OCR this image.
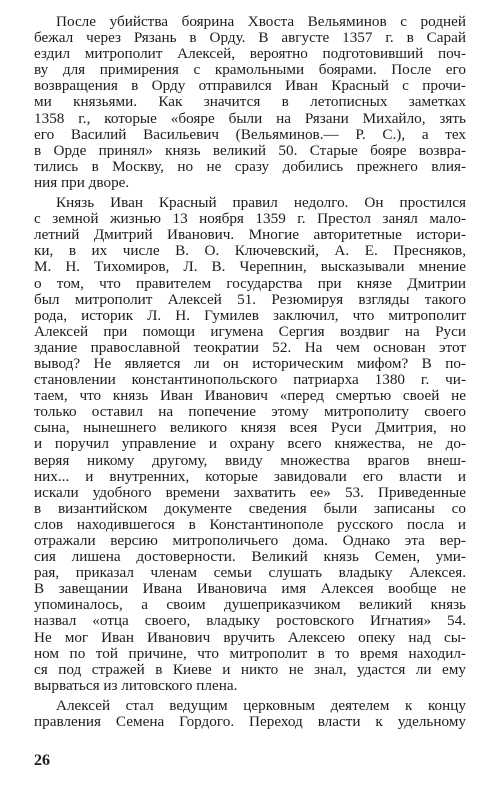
После убийства боярина Хвоста Вельяминов с родней
бежал через Рязань в Орду. В августе 1357 г. в Сарай
ездил митрополит Алексей, вероятно подготовивший поч-
ву для примирения с крамольными боярами. После его
возвращения в Орду отправился Иван Красный с прочи-
ми князьями. Как значится в летописных заметках
1358 г., которые «бояре были на Рязани Михайло, зять
его Василий Васильевич (Вельяминов.— Р. С.), а тех
в Орде принял» князь великий 50. Старые бояре возвра-
тились в Москву, но не сразу добились прежнего влия-
ния при дворе.
Князь Иван Красный правил недолго. Он простился
с земной жизнью 13 ноября 1359 г. Престол занял мало-
летний Дмитрий Иванович. Многие авторитетные истори-
ки, в их числе В. О. Ключевский, А. Е. Пресняков,
М. Н. Тихомиров, Л. В. Черепнин, высказывали мнение
о том, что правителем государства при князе Дмитрии
был митрополит Алексей 51. Резюмируя взгляды такого
рода, историк Л. Н. Гумилев заключил, что митрополит
Алексей при помощи игумена Сергия воздвиг на Руси
здание православной теократии 52. На чем основан этот
вывод? Не является ли он историческим мифом? В по-
становлении константинопольского патриарха 1380 г. чи-
таем, что князь Иван Иванович «перед смертью своей не
только оставил на попечение этому митрополиту своего
сына, нынешнего великого князя всея Руси Дмитрия, но
и поручил управление и охрану всего княжества, не до-
веряя никому другому, ввиду множества врагов внеш-
них... и внутренних, которые завидовали его власти и
искали удобного времени захватить ее» 53. Приведенные
в византийском документе сведения были записаны со
слов находившегося в Константинополе русского посла и
отражали версию митрополичьего дома. Однако эта вер-
сия лишена достоверности. Великий князь Семен, уми-
рая, приказал членам семьи слушать владыку Алексея.
В завещании Ивана Ивановича имя Алексея вообще не
упоминалось, а своим душеприказчиком великий князь
назвал «отца своего, владыку ростовского Игнатия» 54.
Не мог Иван Иванович вручить Алексею опеку над сы-
ном по той причине, что митрополит в то время находил-
ся под стражей в Киеве и никто не знал, удастся ли ему
вырваться из литовского плена.
Алексей стал ведущим церковным деятелем к концу
правления Семена Гордого. Переход власти к удельному
26
